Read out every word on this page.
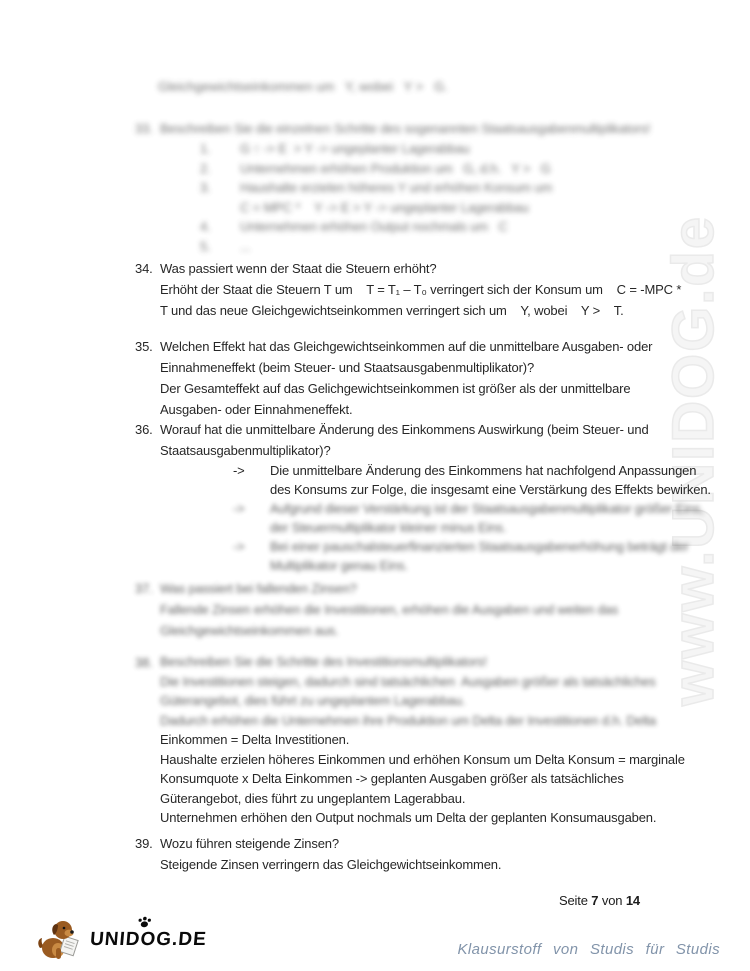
www.UNIDOG.de
Gleichgewichtseinkommen um   Y, wobei   Y >   G.
33. Beschreiben Sie die einzelnen Schritte des sogenannten Staatsausgabenmultiplikators!
1. G ↑ -> E  > Y -> ungeplanter Lagerabbau
2. Unternehmen erhöhen Produktion um   G, d.h.   Y >   G
3. Haushalte erzielen höheres Y und erhöhen Konsum um
C = MPC *    Y -> E > Y -> ungeplanter Lagerabbau
4. Unternehmen erhöhen Output nochmals um   C
5. ...
34. Was passiert wenn der Staat die Steuern erhöht?
Erhöht der Staat die Steuern T um    T = T₁ – T₀ verringert sich der Konsum um    C = -MPC *
T und das neue Gleichgewichtseinkommen verringert sich um    Y, wobei    Y >    T.
35. Welchen Effekt hat das Gleichgewichtseinkommen auf die unmittelbare Ausgaben- oder
Einnahmeneffekt (beim Steuer- und Staatsausgabenmultiplikator)?
Der Gesamteffekt auf das Gelichgewichtseinkommen ist größer als der unmittelbare
Ausgaben- oder Einnahmeneffekt.
36. Worauf hat die unmittelbare Änderung des Einkommens Auswirkung (beim Steuer- und
Staatsausgabenmultiplikator)?
-> Die unmittelbare Änderung des Einkommens hat nachfolgend Anpassungen
des Konsums zur Folge, die insgesamt eine Verstärkung des Effekts bewirken.
-> Aufgrund dieser Verstärkung ist der Staatsausgabenmultiplikator größer Eins,
der Steuermultiplikator kleiner minus Eins.
-> Bei einer pauschalsteuerfinanzierten Staatsausgabenerhöhung beträgt der
Multiplikator genau Eins.
37. Was passiert bei fallenden Zinsen?
Fallende Zinsen erhöhen die Investitionen, erhöhen die Ausgaben und weiten das
Gleichgewichtseinkommen aus.
38. Beschreiben Sie die Schritte des Investitionsmultiplikators!
Die Investitionen steigen, dadurch sind tatsächlichen  Ausgaben größer als tatsächliches
Güterangebot, dies führt zu ungeplantem Lagerabbau.
Dadurch erhöhen die Unternehmen ihre Produktion um Delta der Investitionen d.h. Delta
Einkommen = Delta Investitionen.
Haushalte erzielen höheres Einkommen und erhöhen Konsum um Delta Konsum = marginale
Konsumquote x Delta Einkommen -> geplanten Ausgaben größer als tatsächliches
Güterangebot, dies führt zu ungeplantem Lagerabbau.
Unternehmen erhöhen den Output nochmals um Delta der geplanten Konsumausgaben.
39. Wozu führen steigende Zinsen?
Steigende Zinsen verringern das Gleichgewichtseinkommen.
Seite 7 von 14
UNIDOG.DE	Klausurstoff von Studis für Studis
